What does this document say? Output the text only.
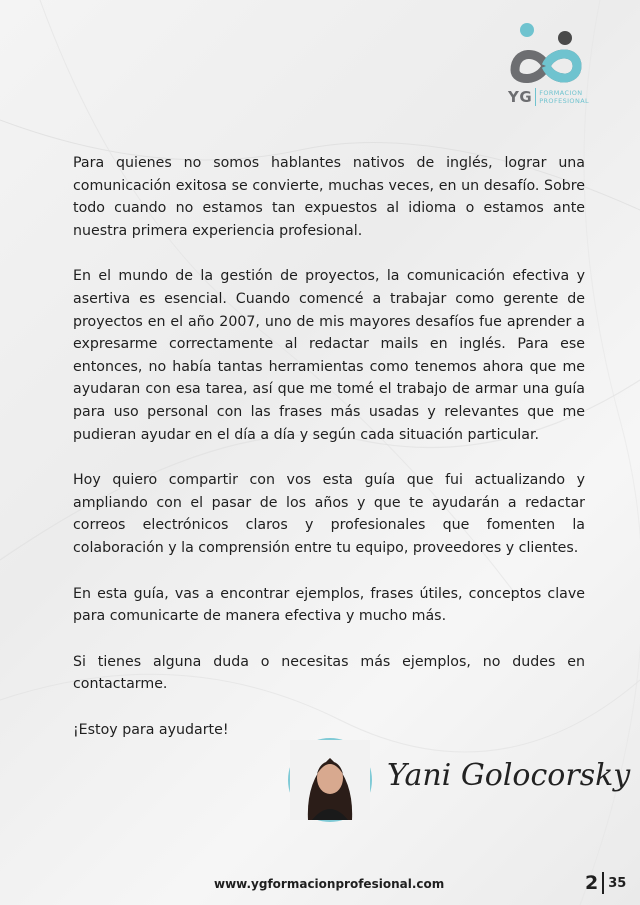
YG FORMACION
PROFESIONAL

Para quienes no somos hablantes nativos de inglés, lograr una comunicación exitosa se convierte, muchas veces, en un desafío. Sobre todo cuando no estamos tan expuestos al idioma o estamos ante nuestra primera experiencia profesional.

En el mundo de la gestión de proyectos, la comunicación efectiva y asertiva es esencial. Cuando comencé a trabajar como gerente de proyectos en el año 2007, uno de mis mayores desafíos fue aprender a expresarme correctamente al redactar mails en inglés. Para ese entonces, no había tantas herramientas como tenemos ahora que me ayudaran con esa tarea, así que me tomé el trabajo de armar una guía para uso personal con las frases más usadas y relevantes que me pudieran ayudar en el día a día y según cada situación particular.

Hoy quiero compartir con vos esta guía que fui actualizando y ampliando con el pasar de los años y que te ayudarán a redactar correos electrónicos claros y profesionales que fomenten la colaboración y la comprensión entre tu equipo, proveedores y clientes.

En esta guía, vas a encontrar ejemplos, frases útiles, conceptos clave para comunicarte de manera efectiva y mucho más.

Si tienes alguna duda o necesitas más ejemplos, no dudes en contactarme.

¡Estoy para ayudarte!

Yani Golocorsky
www.ygformacionprofesional.com	2 35
